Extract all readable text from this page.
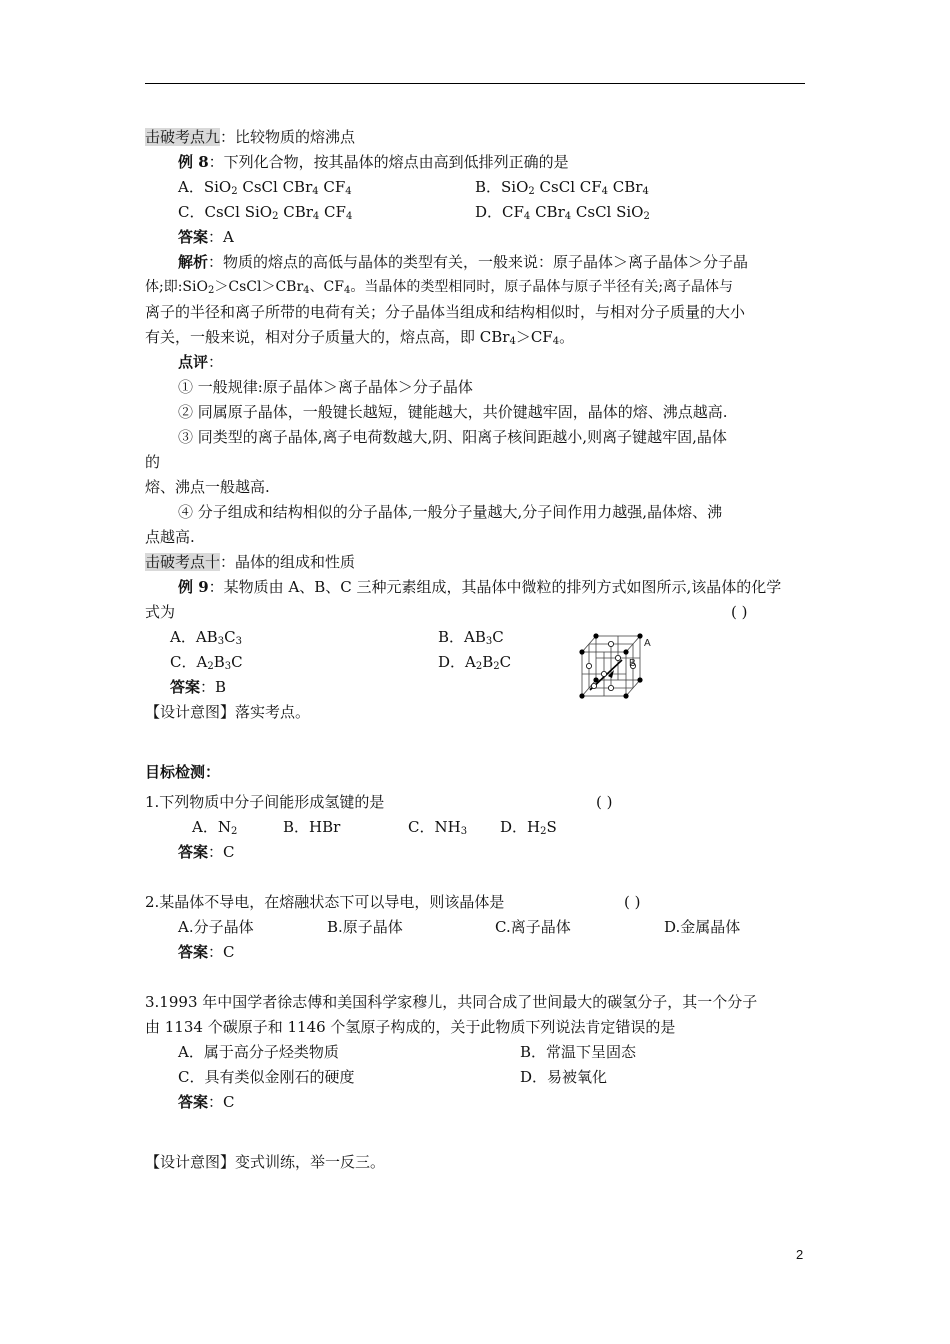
击破考点九：比较物质的熔沸点
例 8：下列化合物，按其晶体的熔点由高到低排列正确的是
A．SiO$_2$ CsCl CBr$_4$ $CF_4$	B．SiO$_2$ CsCl $CF_4$ CBr$_4$
C．CsCl SiO$_2$ CBr$_4$ $CF_4$	D．$CF_4$ CBr$_4$ CsCl SiO$_2$
答案：A
解析：物质的熔点的高低与晶体的类型有关，一般来说：原子晶体＞离子晶体＞分子晶
体;即:SiO$_2$＞CsCl＞CBr$_4$、$CF_4$。当晶体的类型相同时，原子晶体与原子半径有关;离子晶体与
离子的半径和离子所带的电荷有关；分子晶体当组成和结构相似时，与相对分子质量的大小
有关，一般来说，相对分子质量大的，熔点高，即 $CBr_4>CF_4$。
点评：
① 一般规律:原子晶体＞离子晶体＞分子晶体
② 同属原子晶体，一般键长越短，键能越大，共价键越牢固，晶体的熔、沸点越高.
③ 同类型的离子晶体,离子电荷数越大,阴、阳离子核间距越小,则离子键越牢固,晶体
的
熔、沸点一般越高.
④ 分子组成和结构相似的分子晶体,一般分子量越大,分子间作用力越强,晶体熔、沸
点越高.
击破考点十：晶体的组成和性质
例 9：某物质由 A、B、C 三种元素组成，其晶体中微粒的排列方式如图所示,该晶体的化学
式为	( )
A．$AB_3C_3$	B．$AB_3C$
C．$A_2B_3C$	D．$A_2B_2C$
答案：B
【设计意图】落实考点。
A
B
目标检测：
1.下列物质中分子间能形成氢键的是	( )
A．$N_2$	B．HBr	C．$NH_3$ D．$H_2S$
答案：C
2.某晶体不导电，在熔融状态下可以导电，则该晶体是	( )
A.分子晶体	B.原子晶体	C.离子晶体	D.金属晶体
答案：C
3.1993 年中国学者徐志傅和美国科学家穆儿，共同合成了世间最大的碳氢分子，其一个分子
由 1134 个碳原子和 1146 个氢原子构成的，关于此物质下列说法肯定错误的是
A．属于高分子烃类物质	B．常温下呈固态
C．具有类似金刚石的硬度	D．易被氧化
答案：C
【设计意图】变式训练，举一反三。
2
